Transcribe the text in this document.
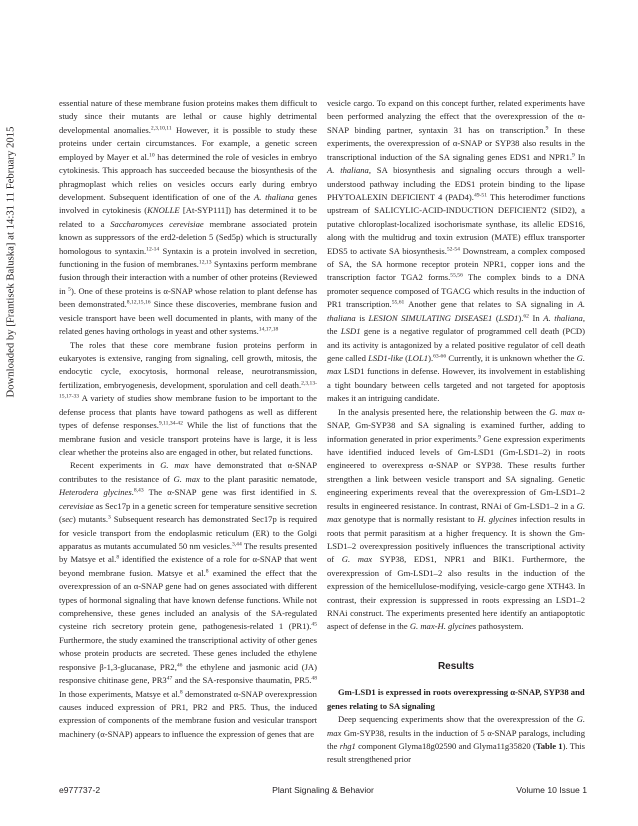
Downloaded by [Frantisek Baluska] at 14:31 11 February 2015

essential nature of these membrane fusion proteins makes them difficult to study since their mutants are lethal or cause highly detrimental developmental anomalies.$^{2,3,10,11}$ However, it is possible to study these proteins under certain circumstances. For example, a genetic screen employed by Mayer et al.$^{10}$ has determined the role of vesicles in embryo cytokinesis. This approach has succeeded because the biosynthesis of the phragmoplast which relies on vesicles occurs early during embryo development. Subsequent identification of one of the A. thaliana genes involved in cytokinesis (KNOLLE [At-SYP111]) has determined it to be related to a Saccharomyces cerevisiae membrane associated protein known as suppressors of the erd2-deletion 5 (Sed5p) which is structurally homologous to syntaxin.$^{12-14}$ Syntaxin is a protein involved in secretion, functioning in the fusion of membranes.$^{12,13}$ Syntaxins perform membrane fusion through their interaction with a number of other proteins (Reviewed in $^5$). One of these proteins is α-SNAP whose relation to plant defense has been demonstrated.$^{8,12,15,16}$ Since these discoveries, membrane fusion and vesicle transport have been well documented in plants, with many of the related genes having orthologs in yeast and other systems.$^{14,17,18}$

The roles that these core membrane fusion proteins perform in eukaryotes is extensive, ranging from signaling, cell growth, mitosis, the endocytic cycle, exocytosis, hormonal release, neurotransmission, fertilization, embryogenesis, development, sporulation and cell death.$^{2,3,13-15,17-33}$ A variety of studies show membrane fusion to be important to the defense process that plants have toward pathogens as well as different types of defense responses.$^{9,11,34-42}$ While the list of functions that the membrane fusion and vesicle transport proteins have is large, it is less clear whether the proteins also are engaged in other, but related functions.

Recent experiments in G. max have demonstrated that α-SNAP contributes to the resistance of G. max to the plant parasitic nematode, Heterodera glycines.$^{8,43}$ The α-SNAP gene was first identified in S. cerevisiae as Sec17p in a genetic screen for temperature sensitive secretion (sec) mutants.$^3$ Subsequent research has demonstrated Sec17p is required for vesicle transport from the endoplasmic reticulum (ER) to the Golgi apparatus as mutants accumulated 50 nm vesicles.$^{3,44}$ The results presented by Matsye et al.$^8$ identified the existence of a role for α-SNAP that went beyond membrane fusion. Matsye et al.$^8$ examined the effect that the overexpression of an α-SNAP gene had on genes associated with different types of hormonal signaling that have known defense functions. While not comprehensive, these genes included an analysis of the SA-regulated cysteine rich secretory protein gene, pathogenesis-related 1 (PR1).$^{45}$ Furthermore, the study examined the transcriptional activity of other genes whose protein products are secreted. These genes included the ethylene responsive β-1,3-glucanase, PR2,46 the ethylene and jasmonic acid (JA) responsive chitinase gene, $PR3^{47}$ and the SA-responsive thaumatin, PR5.48 In those experiments, Matsye et al.$^8$ demonstrated α-SNAP overexpression causes induced expression of PR1, PR2 and PR5. Thus, the induced expression of components of the membrane fusion and vesicular transport machinery (α-SNAP) appears to influence the expression of genes that are

vesicle cargo. To expand on this concept further, related experiments have been performed analyzing the effect that the overexpression of the α-SNAP binding partner, syntaxin 31 has on transcription.$^9$ In these experiments, the overexpression of α-SNAP or SYP38 also results in the transcriptional induction of the SA signaling genes EDS1 and NPR1.$^9$ In A. thaliana, SA biosynthesis and signaling occurs through a well-understood pathway including the EDS1 protein binding to the lipase PHYTOALEXIN DEFICIENT 4 (PAD4).$^{49-51}$ This heterodimer functions upstream of SALICYLIC-ACID-INDUCTION DEFICIENT2 (SID2), a putative chloroplast-localized isochorismate synthase, its allelic EDS16, along with the multidrug and toxin extrusion (MATE) efflux transporter EDS5 to activate SA biosynthesis.$^{52-54}$ Downstream, a complex composed of SA, the SA hormone receptor protein NPR1, copper ions and the transcription factor TGA2 forms.$^{55,56}$ The complex binds to a DNA promoter sequence composed of TGACG which results in the induction of PR1 transcription.$^{55,61}$ Another gene that relates to SA signaling in A. thaliana is LESION SIMULATING DISEASE1 (LSD1).$^{62}$ In A. thaliana, the LSD1 gene is a negative regulator of programmed cell death (PCD) and its activity is antagonized by a related positive regulator of cell death gene called LSD1-like (LOL1).$^{63-66}$ Currently, it is unknown whether the G. max LSD1 functions in defense. However, its involvement in establishing a tight boundary between cells targeted and not targeted for apoptosis makes it an intriguing candidate.

In the analysis presented here, the relationship between the G. max α-SNAP, Gm-SYP38 and SA signaling is examined further, adding to information generated in prior experiments.$^9$ Gene expression experiments have identified induced levels of Gm-LSD1 (Gm-LSD1–2) in roots engineered to overexpress α-SNAP or SYP38. These results further strengthen a link between vesicle transport and SA signaling. Genetic engineering experiments reveal that the overexpression of Gm-LSD1–2 results in engineered resistance. In contrast, RNAi of Gm-LSD1–2 in a G. max genotype that is normally resistant to H. glycines infection results in roots that permit parasitism at a higher frequency. It is shown the Gm-LSD1–2 overexpression positively influences the transcriptional activity of G. max SYP38, EDS1, NPR1 and BIK1. Furthermore, the overexpression of Gm-LSD1–2 also results in the induction of the expression of the hemicellulose-modifying, vesicle-cargo gene XTH43. In contrast, their expression is suppressed in roots expressing an LSD1–2 RNAi construct. The experiments presented here identify an antiapoptotic aspect of defense in the G. max-H. glycines pathosystem.

Results
Gm-LSD1 is expressed in roots overexpressing α-SNAP, SYP38 and genes relating to SA signaling

Deep sequencing experiments show that the overexpression of the G. max Gm-SYP38, results in the induction of 5 α-SNAP paralogs, including the rhg1 component Glyma18g02590 and Glyma11g35820 (Table 1). This result strengthened prior

e977737-2	Plant Signaling & Behavior	Volume 10 Issue 1
